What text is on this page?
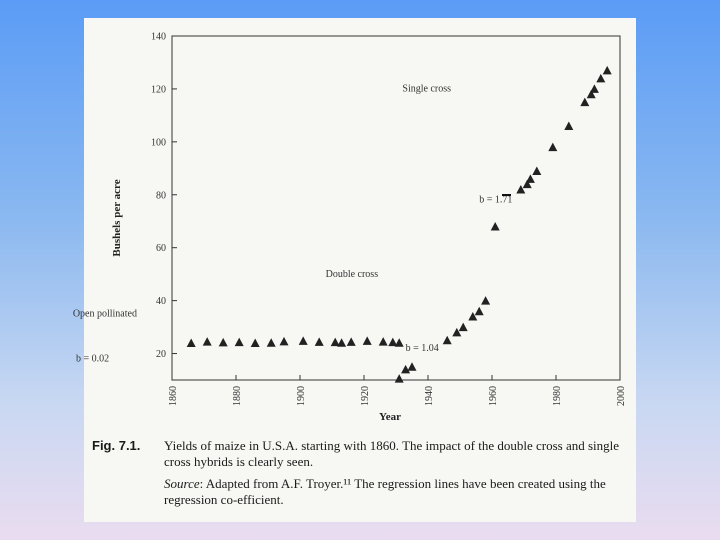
20
40
60
80
100
120
140
1860	1880	1900	1920	1940	1960	1980	2000
Single cross
Double cross
Open pollinated
b = 0.02
b = 1.04
b = 1.71
Bushels per acre
Year
Fig. 7.1.	Yields of maize in U.S.A. starting with 1860. The impact of the double cross and single cross hybrids is clearly seen.
Source: Adapted from A.F. Troyer.¹¹ The regression lines have been created using the regression co-efficient.
